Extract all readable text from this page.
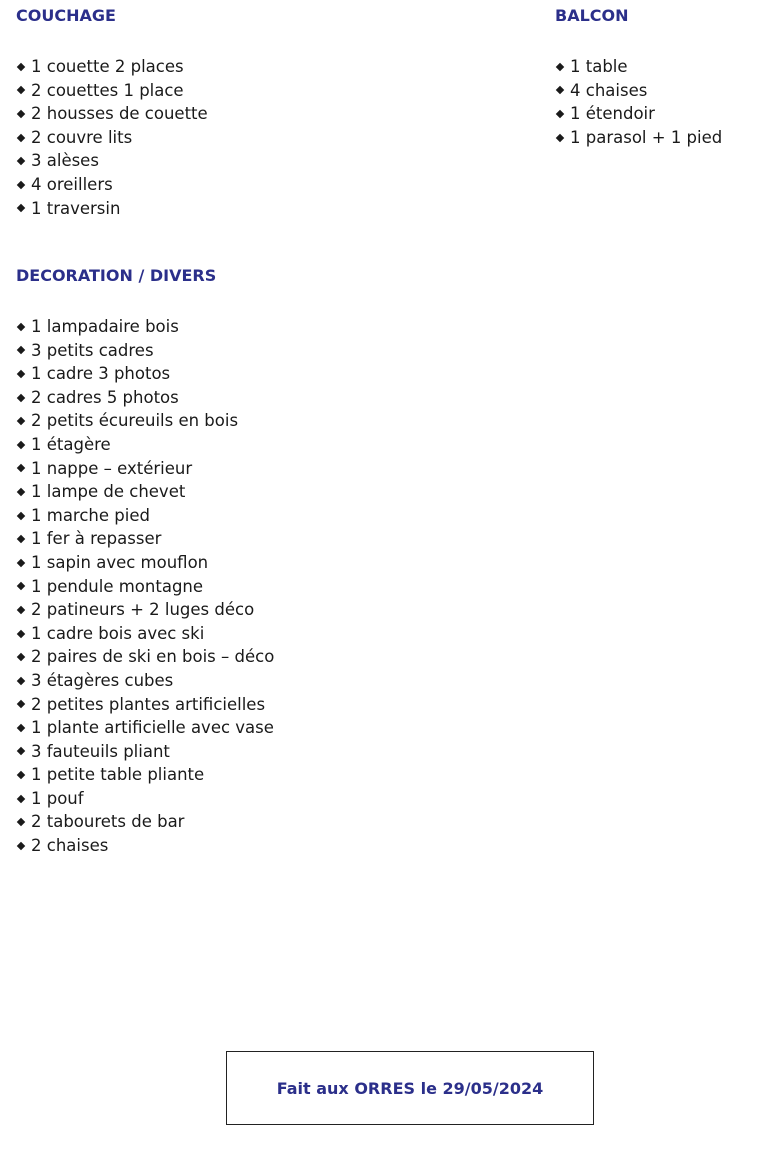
COUCHAGE
1 couette 2 places
2 couettes 1 place
2 housses de couette
2 couvre lits
3 alèses
4 oreillers
1 traversin
BALCON
1 table
4 chaises
1 étendoir
1 parasol + 1 pied
DECORATION / DIVERS
1 lampadaire bois
3 petits cadres
1 cadre 3 photos
2 cadres 5 photos
2 petits écureuils en bois
1 étagère
1 nappe – extérieur
1 lampe de chevet
1 marche pied
1 fer à repasser
1 sapin avec mouflon
1 pendule montagne
2 patineurs + 2 luges déco
1 cadre bois avec ski
2 paires de ski en bois – déco
3 étagères cubes
2 petites plantes artificielles
1 plante artificielle avec vase
3 fauteuils pliant
1 petite table pliante
1 pouf
2 tabourets de bar
2 chaises
Fait aux ORRES le 29/05/2024
